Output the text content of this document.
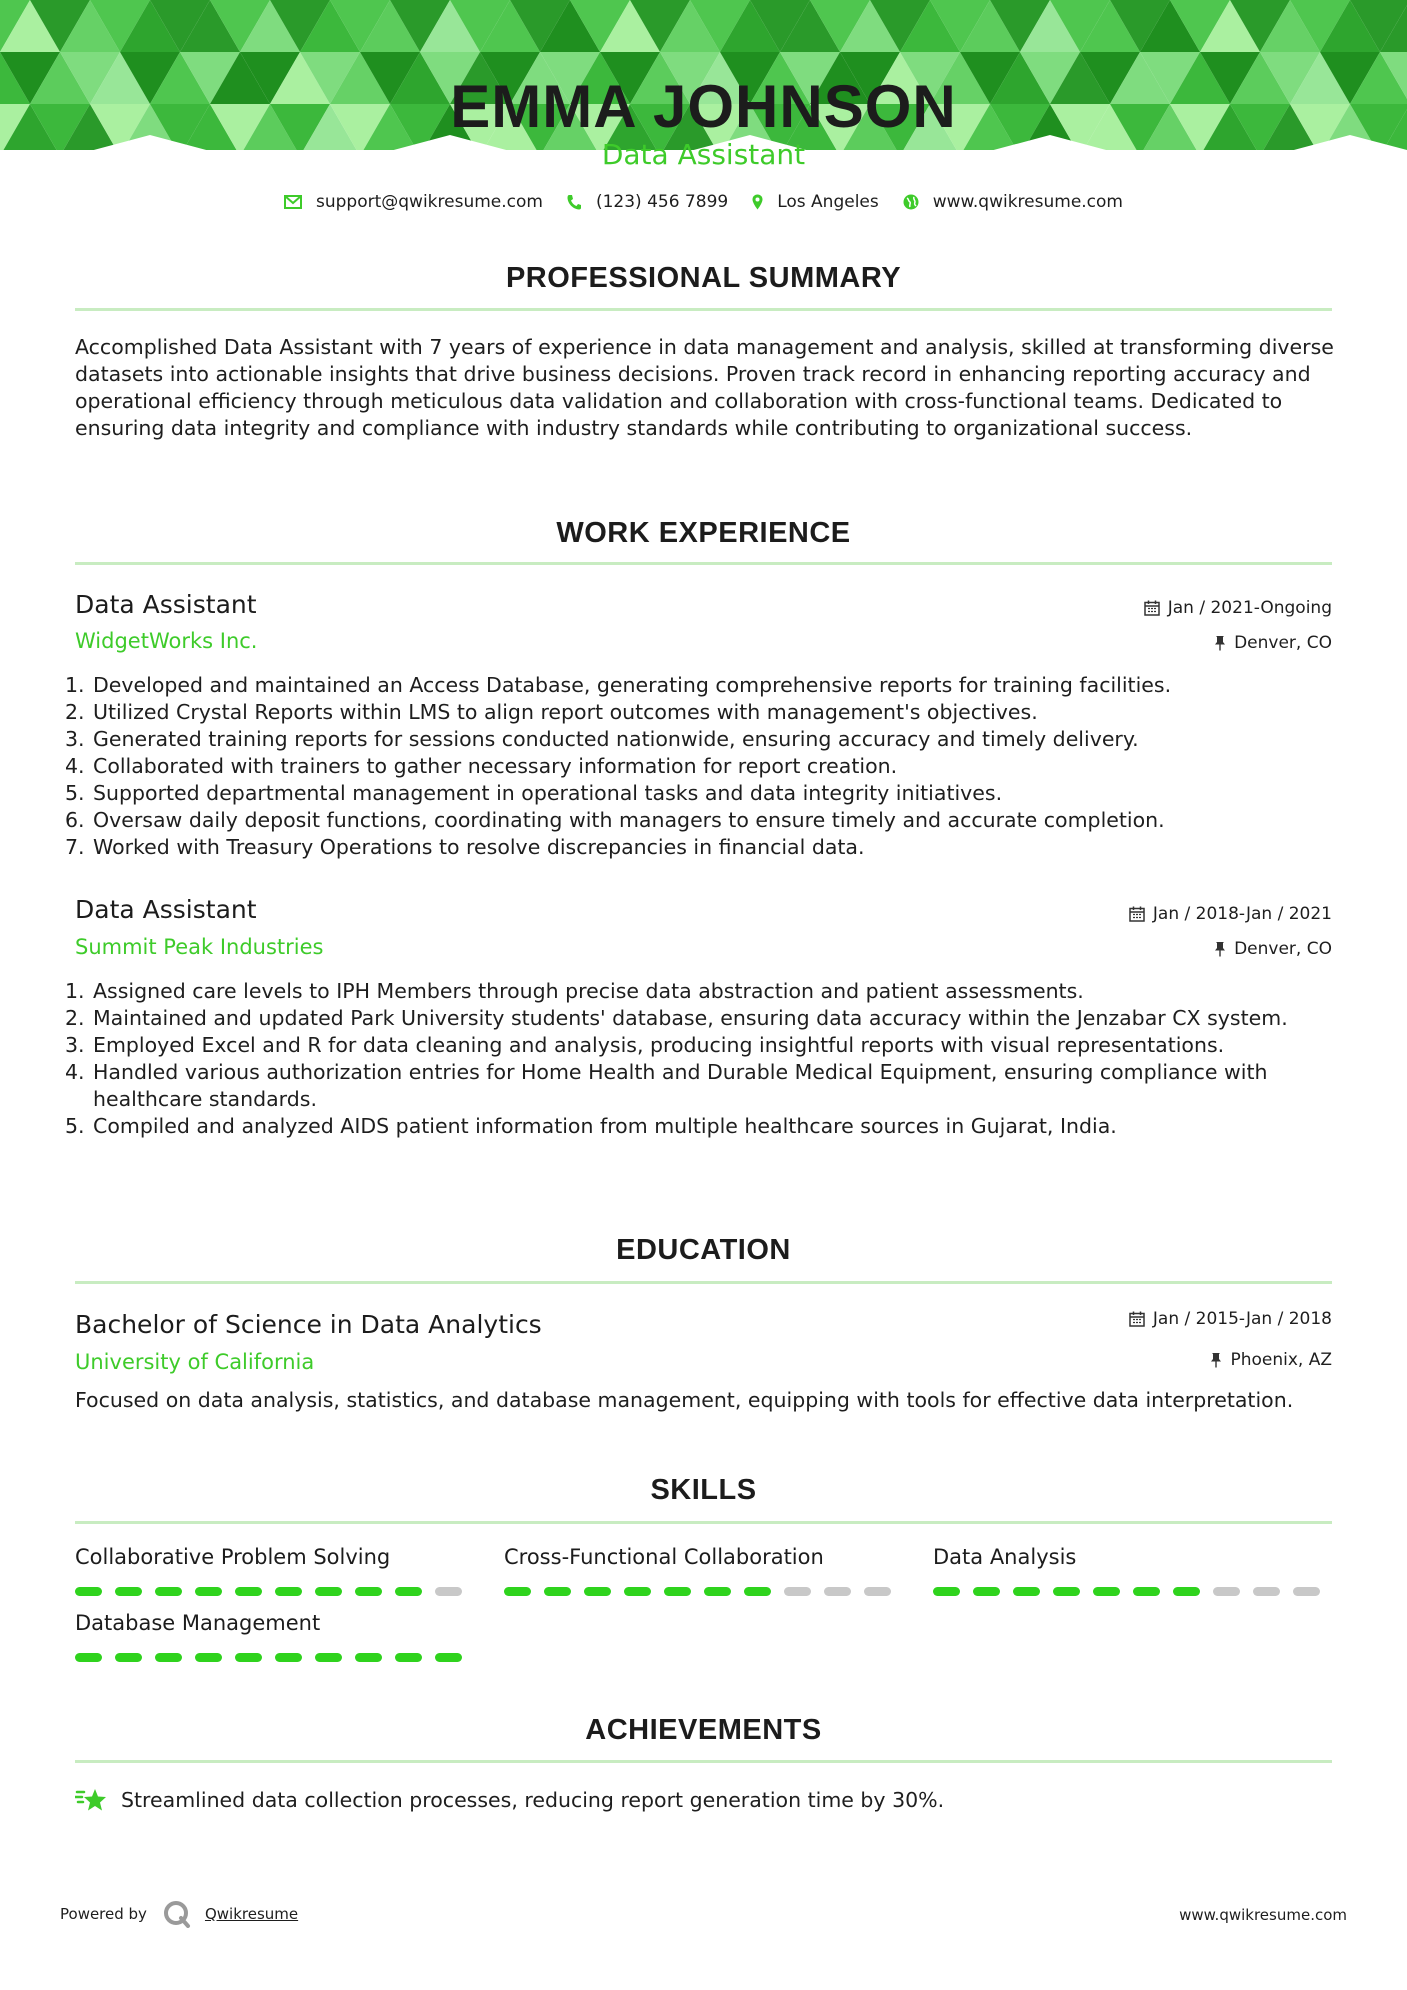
EMMA JOHNSON
Data Assistant
support@qwikresume.com	(123) 456 7899	Los Angeles	www.qwikresume.com
PROFESSIONAL SUMMARY
Accomplished Data Assistant with 7 years of experience in data management and analysis, skilled at transforming diverse datasets into actionable insights that drive business decisions. Proven track record in enhancing reporting accuracy and operational efficiency through meticulous data validation and collaboration with cross-functional teams. Dedicated to ensuring data integrity and compliance with industry standards while contributing to organizational success.
WORK EXPERIENCE
Data Assistant	Jan / 2021-Ongoing
WidgetWorks Inc.	Denver, CO
1. Developed and maintained an Access Database, generating comprehensive reports for training facilities.
2. Utilized Crystal Reports within LMS to align report outcomes with management's objectives.
3. Generated training reports for sessions conducted nationwide, ensuring accuracy and timely delivery.
4. Collaborated with trainers to gather necessary information for report creation.
5. Supported departmental management in operational tasks and data integrity initiatives.
6. Oversaw daily deposit functions, coordinating with managers to ensure timely and accurate completion.
7. Worked with Treasury Operations to resolve discrepancies in financial data.
Data Assistant	Jan / 2018-Jan / 2021
Summit Peak Industries	Denver, CO
1. Assigned care levels to IPH Members through precise data abstraction and patient assessments.
2. Maintained and updated Park University students' database, ensuring data accuracy within the Jenzabar CX system.
3. Employed Excel and R for data cleaning and analysis, producing insightful reports with visual representations.
4. Handled various authorization entries for Home Health and Durable Medical Equipment, ensuring compliance with healthcare standards.
5. Compiled and analyzed AIDS patient information from multiple healthcare sources in Gujarat, India.
EDUCATION
Bachelor of Science in Data Analytics	Jan / 2015-Jan / 2018
University of California	Phoenix, AZ
Focused on data analysis, statistics, and database management, equipping with tools for effective data interpretation.
SKILLS
Collaborative Problem Solving	Cross-Functional Collaboration	Data Analysis
Database Management
ACHIEVEMENTS
Streamlined data collection processes, reducing report generation time by 30%.
Powered by	Qwikresume	www.qwikresume.com
